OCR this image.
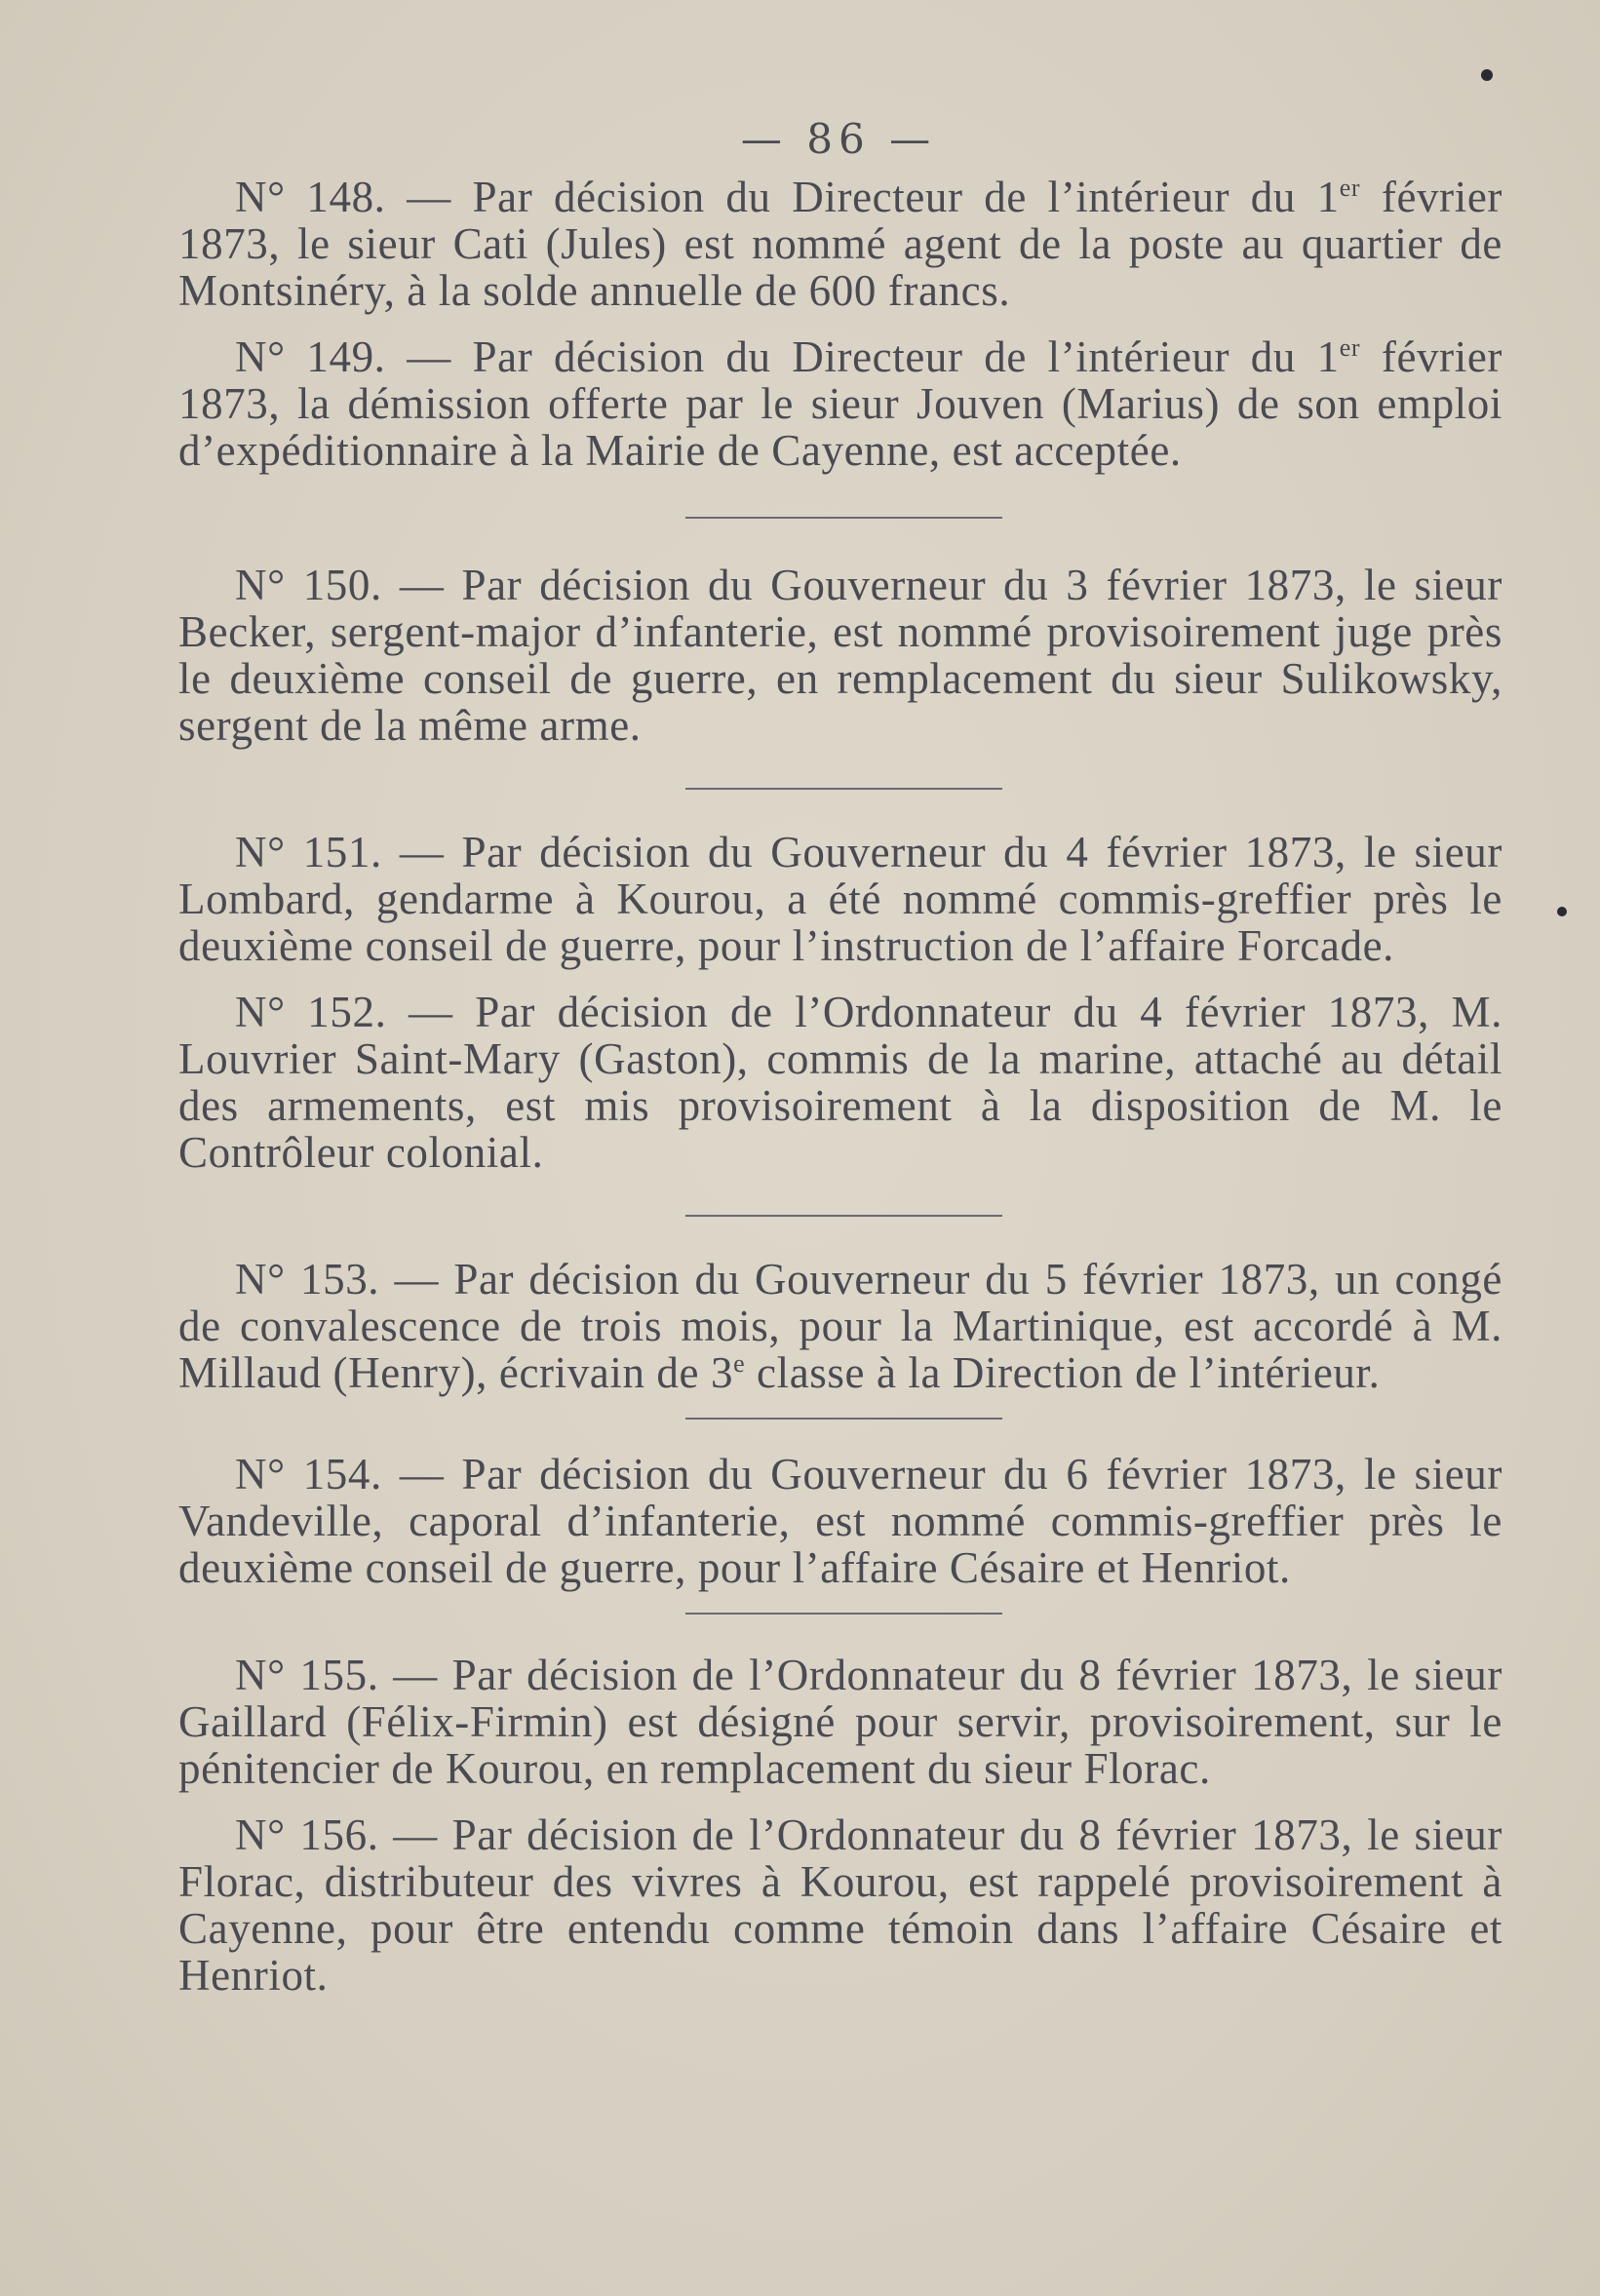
— 86 —

N° 148. — Par décision du Directeur de l’intérieur du 1er février 1873, le sieur Cati (Jules) est nommé agent de la poste au quartier de Montsinéry, à la solde annuelle de 600 francs.

N° 149. — Par décision du Directeur de l’intérieur du 1er février 1873, la démission offerte par le sieur Jouven (Marius) de son emploi d’expéditionnaire à la Mairie de Cayenne, est acceptée.

N° 150. — Par décision du Gouverneur du 3 février 1873, le sieur Becker, sergent-major d’infanterie, est nommé provisoirement juge près le deuxième conseil de guerre, en remplacement du sieur Sulikowsky, sergent de la même arme.

N° 151. — Par décision du Gouverneur du 4 février 1873, le sieur Lombard, gendarme à Kourou, a été nommé commis-greffier près le deuxième conseil de guerre, pour l’instruction de l’affaire Forcade.

N° 152. — Par décision de l’Ordonnateur du 4 février 1873, M. Louvrier Saint-Mary (Gaston), commis de la marine, attaché au détail des armements, est mis provisoirement à la disposition de M. le Contrôleur colonial.

N° 153. — Par décision du Gouverneur du 5 février 1873, un congé de convalescence de trois mois, pour la Martinique, est accordé à M. Millaud (Henry), écrivain de 3e classe à la Direction de l’intérieur.

N° 154. — Par décision du Gouverneur du 6 février 1873, le sieur Vandeville, caporal d’infanterie, est nommé commis-greffier près le deuxième conseil de guerre, pour l’affaire Césaire et Henriot.

N° 155. — Par décision de l’Ordonnateur du 8 février 1873, le sieur Gaillard (Félix-Firmin) est désigné pour servir, provisoirement, sur le pénitencier de Kourou, en remplacement du sieur Florac.

N° 156. — Par décision de l’Ordonnateur du 8 février 1873, le sieur Florac, distributeur des vivres à Kourou, est rappelé provisoirement à Cayenne, pour être entendu comme témoin dans l’affaire Césaire et Henriot.
